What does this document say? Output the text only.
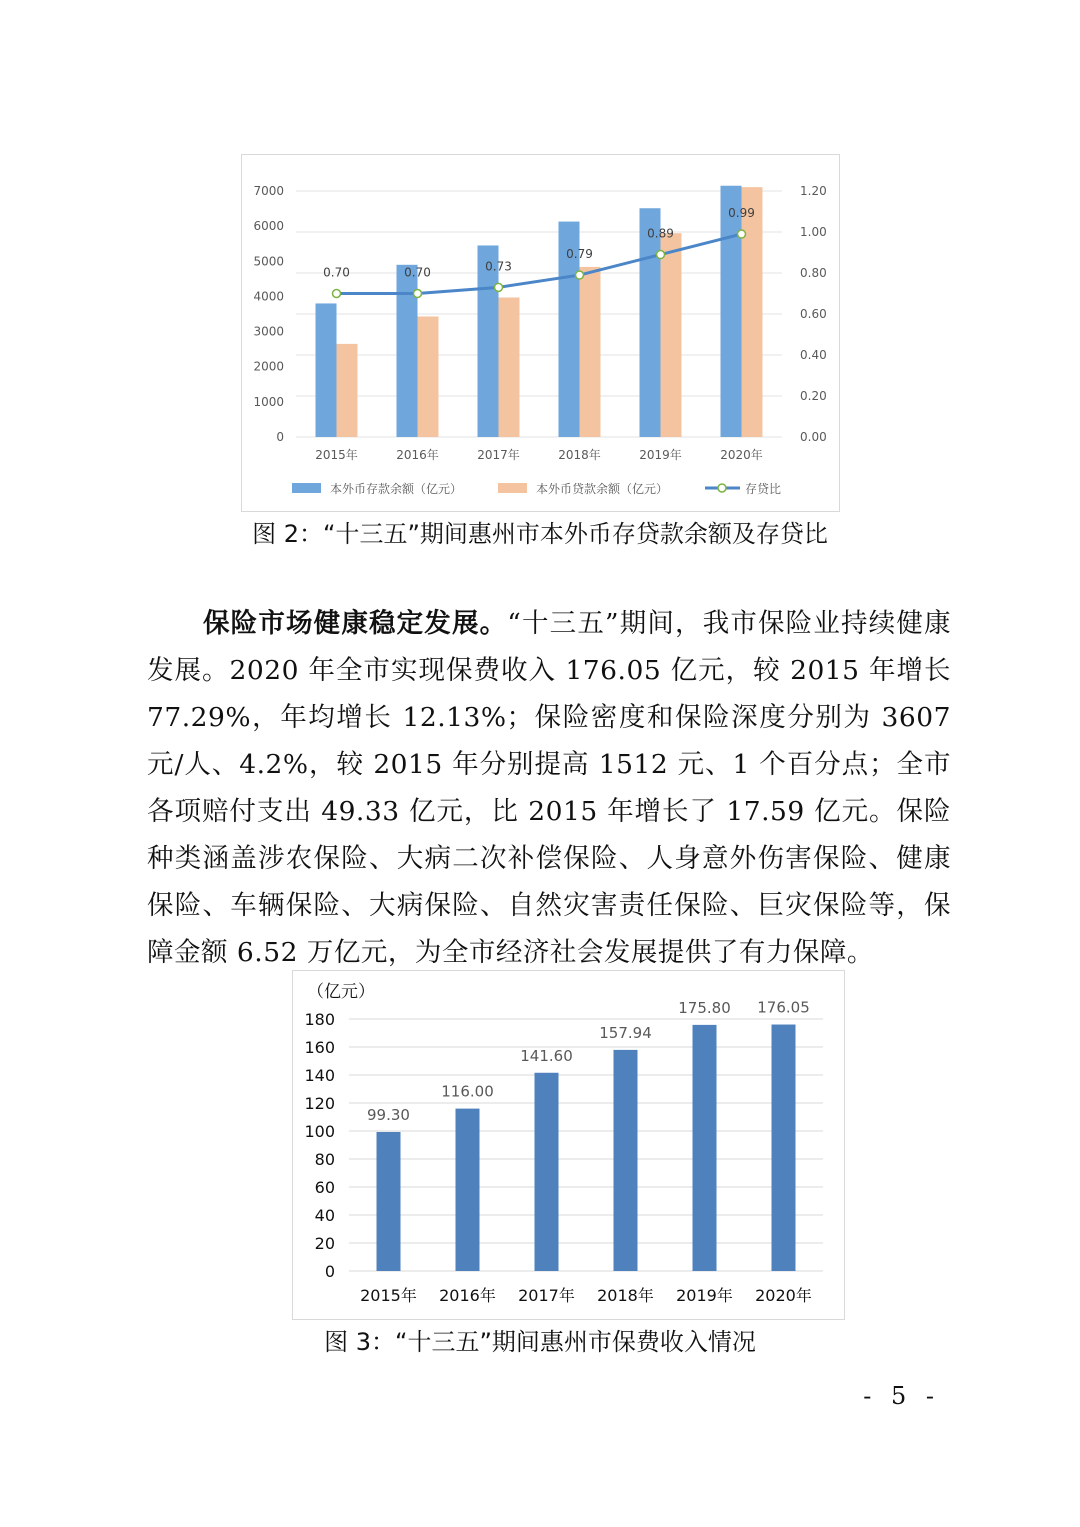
0.00
0.20
0.40
0.60
0.80
1.00
1.20
0
1000
2000
3000
4000
5000
6000
7000
2015年	2016年	2017年	2018年	2019年	2020年
0.70	0.70	0.73
0.79
0.89
0.99
本外币存款余额（亿元）	本外币贷款余额（亿元）	存贷比

图 2：“十三五”期间惠州市本外币存贷款余额及存贷比

保险市场健康稳定发展。“十三五”期间，我市保险业持续健康发展。2020 年全市实现保费收入 176.05 亿元，较 2015 年增长 77.29%，年均增长 12.13%；保险密度和保险深度分别为 3607 元/人、4.2%，较 2015 年分别提高 1512 元、1 个百分点；全市各项赔付支出 49.33 亿元，比 2015 年增长了 17.59 亿元。保险种类涵盖涉农保险、大病二次补偿保险、人身意外伤害保险、健康保险、车辆保险、大病保险、自然灾害责任保险、巨灾保险等，保障金额 6.52 万亿元，为全市经济社会发展提供了有力保障。

（亿元）
0
20
40
60
80
100
120
140
160
180
99.30
2015年
116.00
2016年
141.60
2017年
157.94
2018年
175.80
2019年
176.05
2020年

图 3：“十三五”期间惠州市保费收入情况

- 5 -
